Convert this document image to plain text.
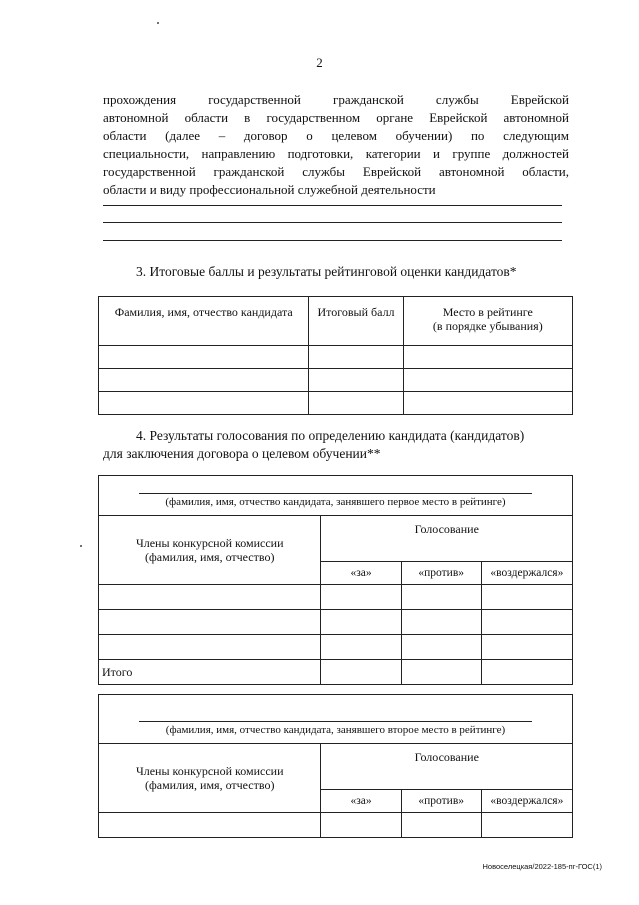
2
прохождения государственной гражданской службы Еврейской
автономной области в государственном органе Еврейской автономной
области (далее – договор о целевом обучении) по следующим
специальности, направлению подготовки, категории и группе должностей
государственной гражданской службы Еврейской автономной области,
области и виду профессиональной служебной деятельности
3. Итоговые баллы и результаты рейтинговой оценки кандидатов*
Фамилия, имя, отчество кандидата	Итоговый балл	Место в рейтинге
(в порядке убывания)

4. Результаты голосования по определению кандидата (кандидатов)
для заключения договора о целевом обучении**
(фамилия, имя, отчество кандидата, занявшего первое место в рейтинге)			

Члены конкурсной комиссии
(фамилия, имя, отчество)	Голосование		
	«за»	«против»	«воздержался»

Итого			
(фамилия, имя, отчество кандидата, занявшего второе место в рейтинге)			

Члены конкурсной комиссии
(фамилия, имя, отчество)	Голосование		
	«за»	«против»	«воздержался»

Новоселецкая/2022-185-пг-ГОС(1)
